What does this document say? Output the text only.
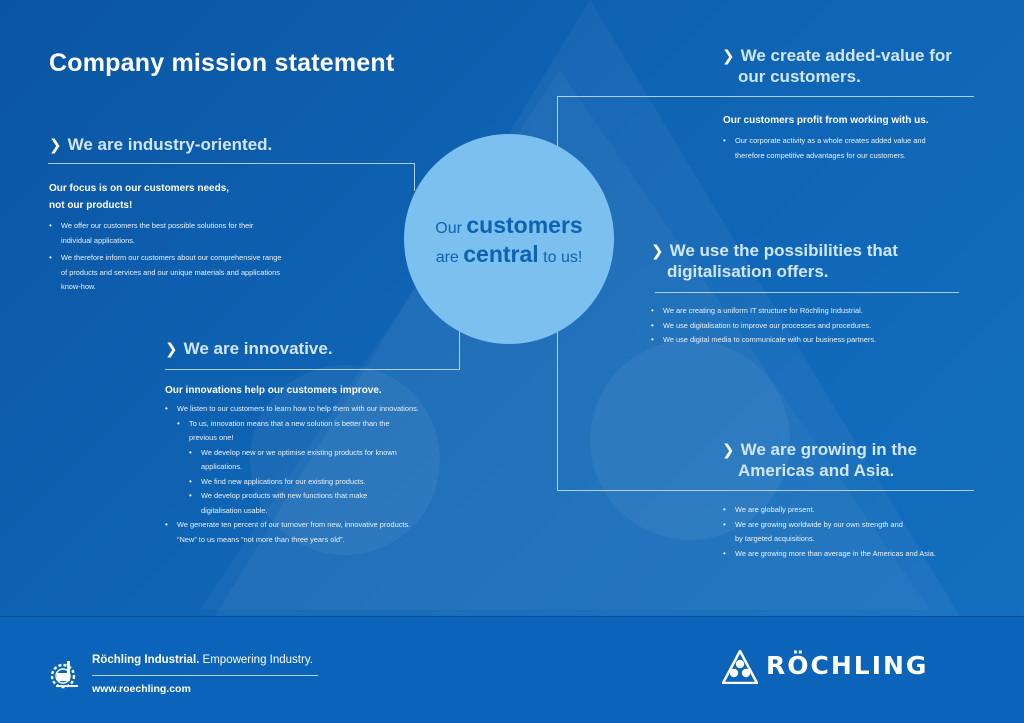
Company mission statement
Our customers
are central to us!
❯ We are industry-oriented.
Our focus is on our customers needs,
not our products!
• We offer our customers the best possible solutions for their
individual applications.
• We therefore inform our customers about our comprehensive range
of products and services and our unique materials and applications
know-how.
❯ We are innovative.
Our innovations help our customers improve.
• We listen to our customers to learn how to help them with our innovations.
• To us, innovation means that a new solution is better than the
previous one!
• We develop new or we optimise existing products for known
applications.
• We find new applications for our existing products.
• We develop products with new functions that make
digitalisation usable.
• We generate ten percent of our turnover from new, innovative products.
“New” to us means “not more than three years old”.
❯ We create added-value for
our customers.
Our customers profit from working with us.
• Our corporate activity as a whole creates added value and
therefore competitive advantages for our customers.
❯ We use the possibilities that
digitalisation offers.
• We are creating a uniform IT structure for Röchling Industrial.
• We use digitalisation to improve our processes and procedures.
• We use digital media to communicate with our business partners.
❯ We are growing in the
Americas and Asia.
• We are globally present.
• We are growing worldwide by our own strength and
by targeted acquisitions.
• We are growing more than average in the Americas and Asia.
Röchling Industrial. Empowering Industry.
www.roechling.com
RÖCHLING
